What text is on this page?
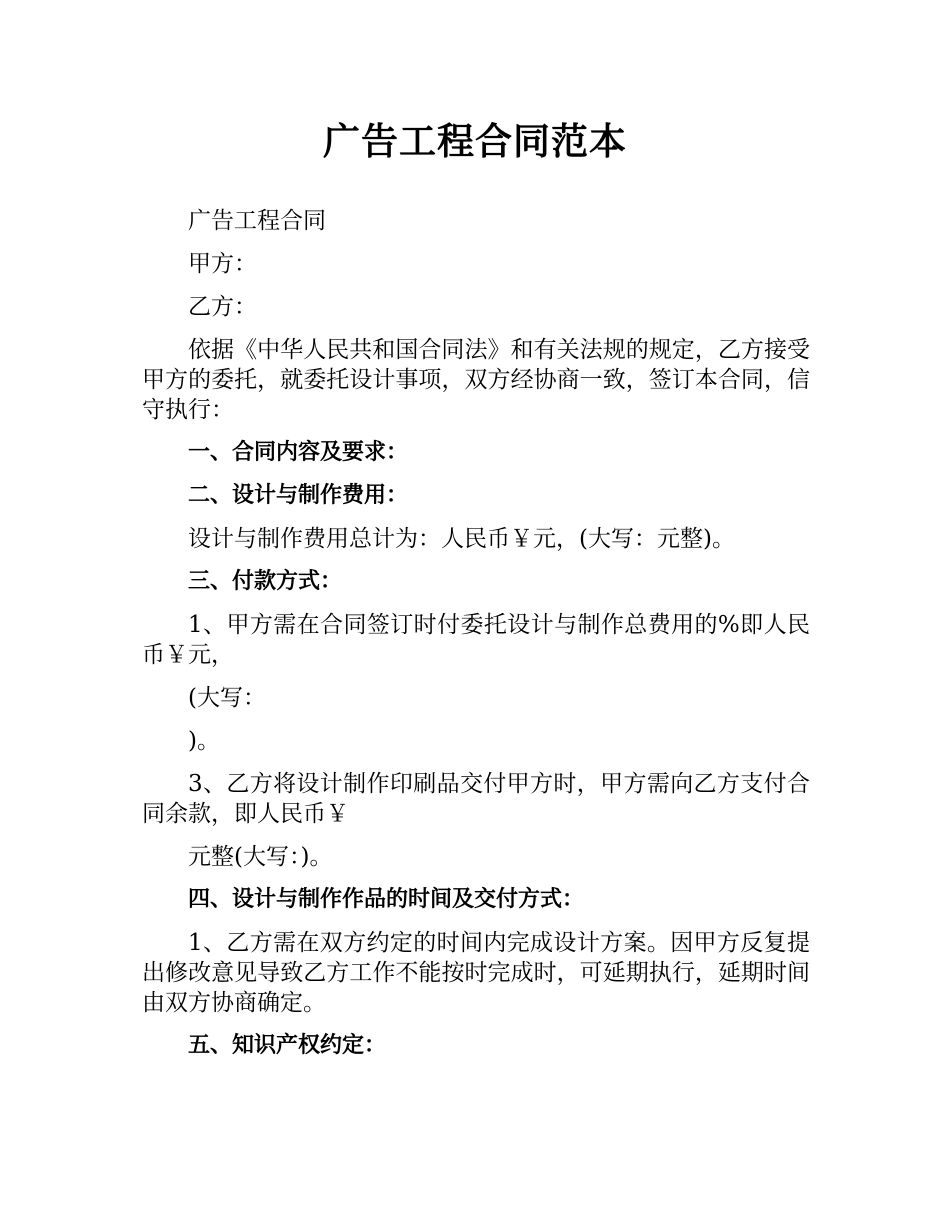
广告工程合同范本

广告工程合同

甲方：

乙方：

依据《中华人民共和国合同法》和有关法规的规定，乙方接受甲方的委托，就委托设计事项，双方经协商一致，签订本合同，信守执行：

一、合同内容及要求：

二、设计与制作费用：

设计与制作费用总计为：人民币￥元，(大写：元整)。

三、付款方式：

1、甲方需在合同签订时付委托设计与制作总费用的%即人民币￥元，

(大写：

)。

3、乙方将设计制作印刷品交付甲方时，甲方需向乙方支付合同余款，即人民币￥

元整(大写：)。

四、设计与制作作品的时间及交付方式：

1、乙方需在双方约定的时间内完成设计方案。因甲方反复提出修改意见导致乙方工作不能按时完成时，可延期执行，延期时间由双方协商确定。

五、知识产权约定：
